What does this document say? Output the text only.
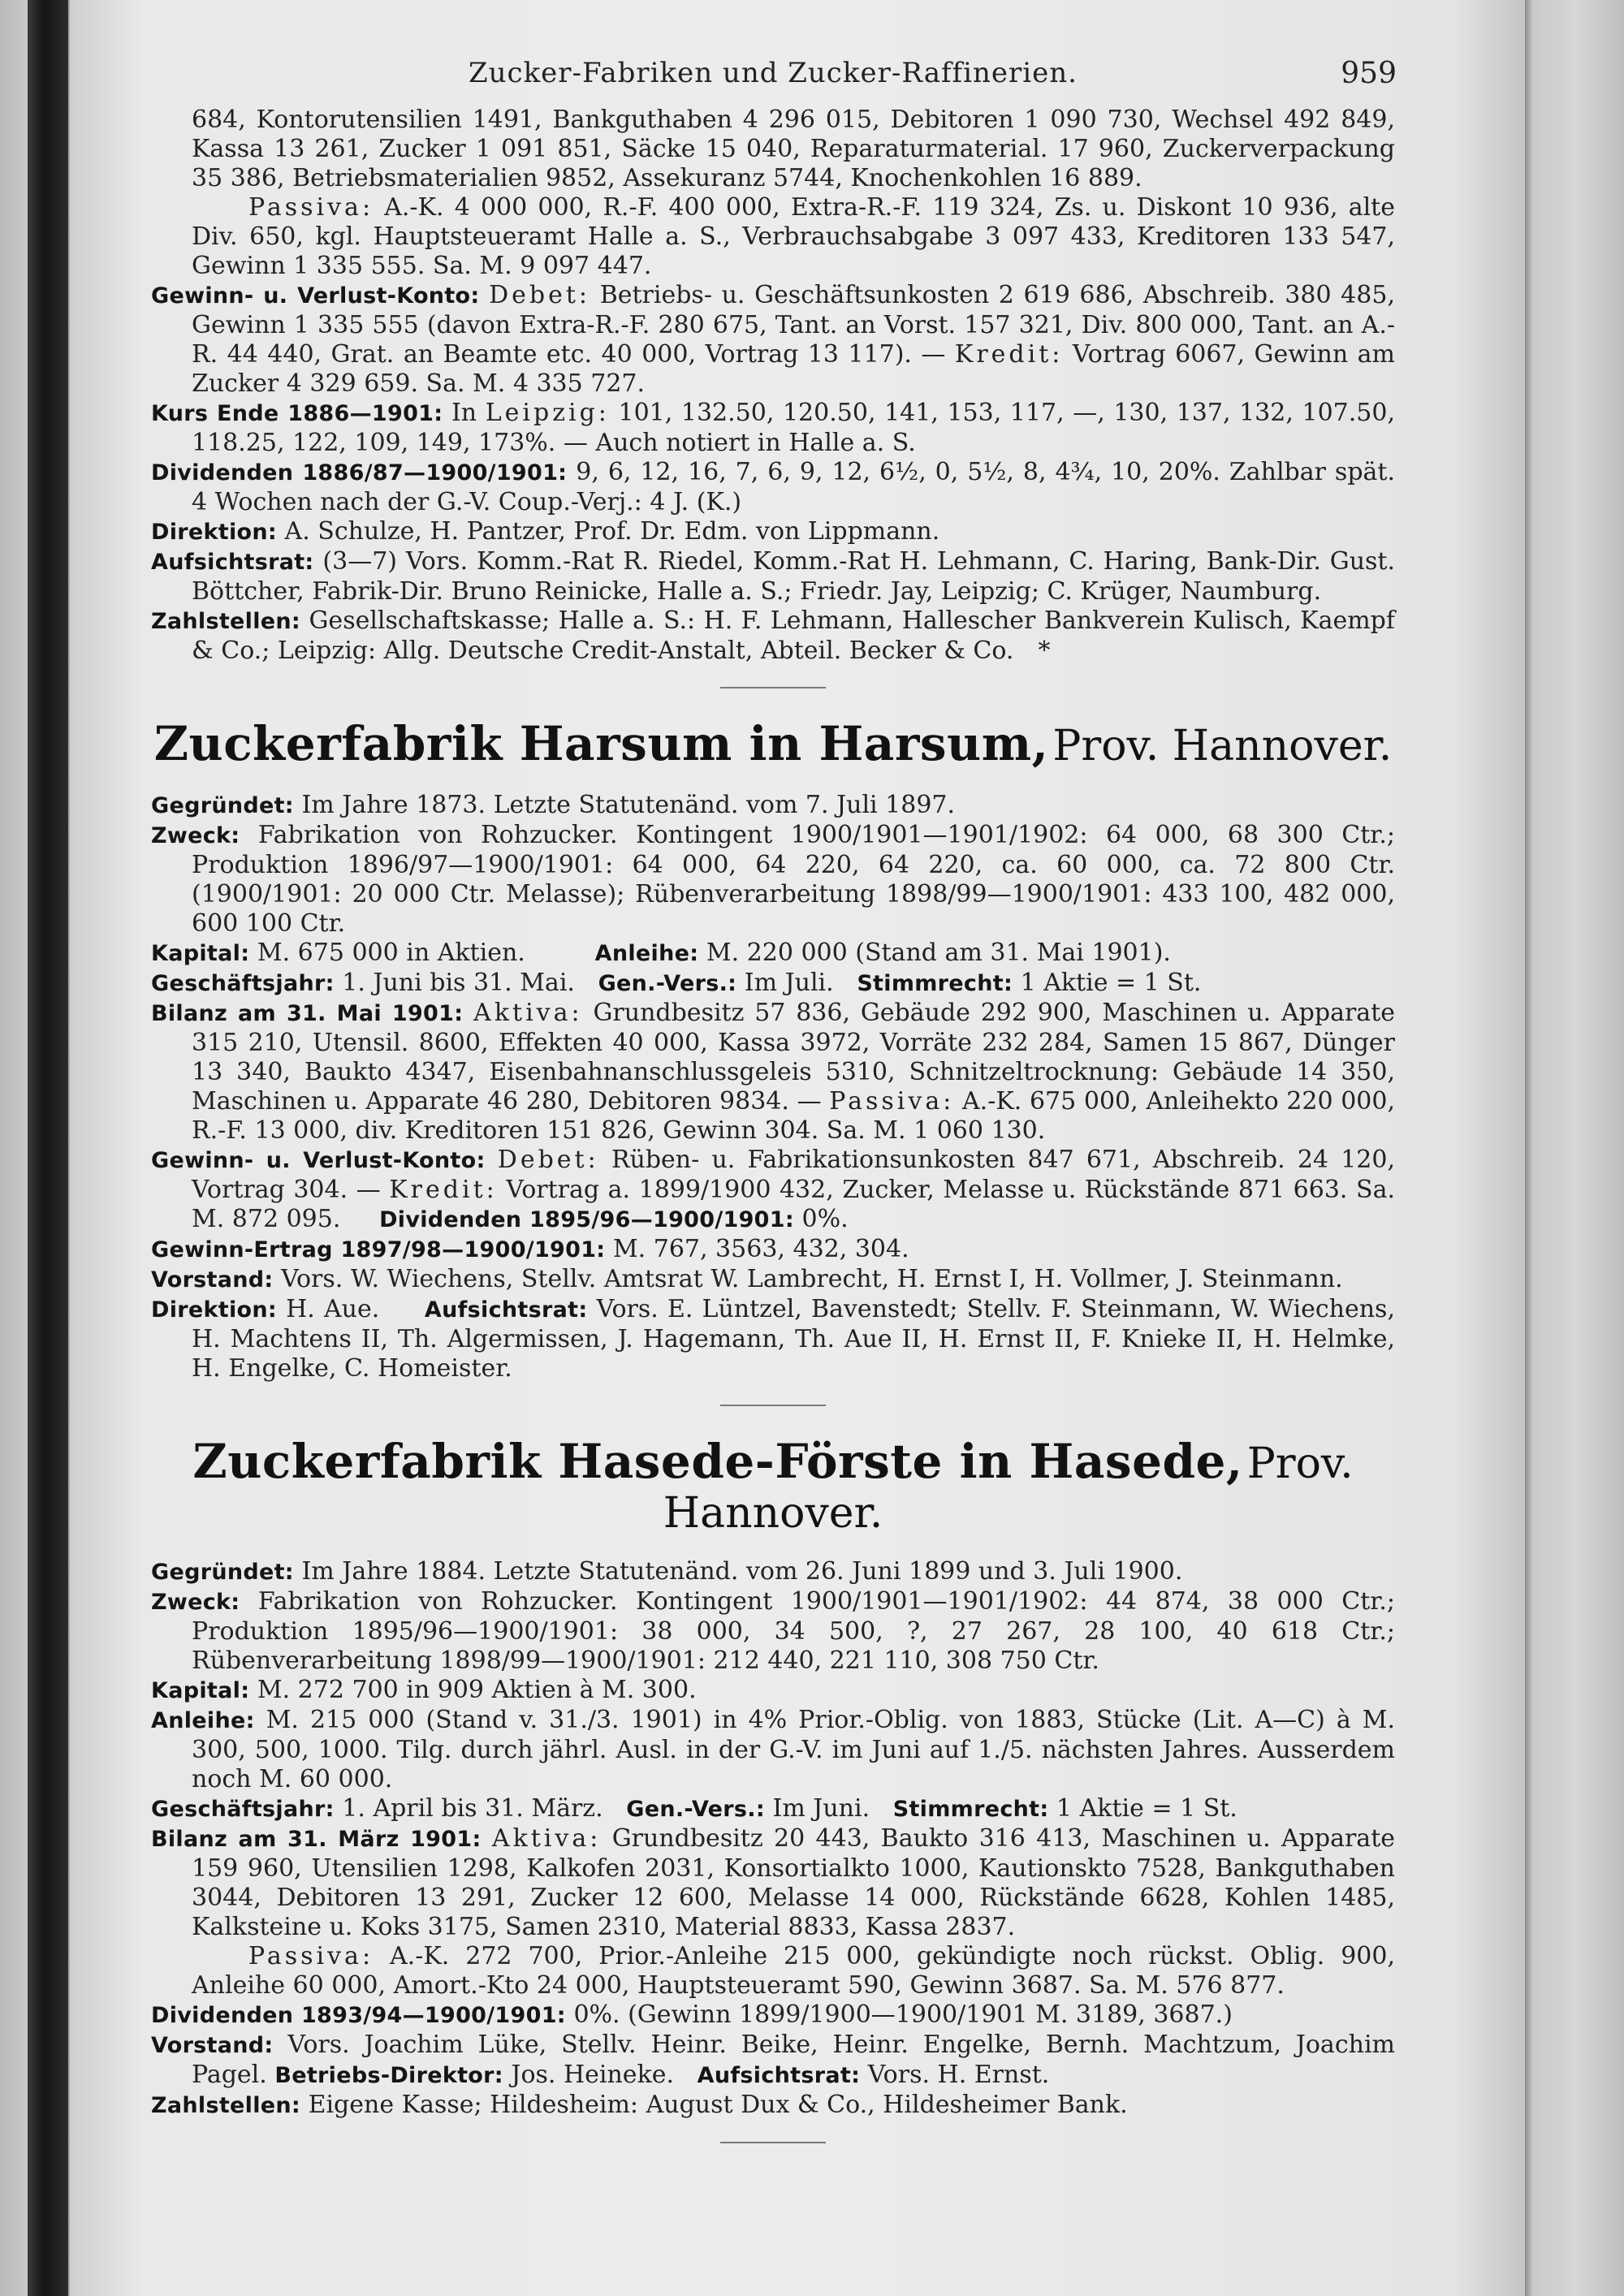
Zucker-Fabriken und Zucker-Raffinerien.	959

684, Kontorutensilien 1491, Bankguthaben 4 296 015, Debitoren 1 090 730, Wechsel 492 849, Kassa 13 261, Zucker 1 091 851, Säcke 15 040, Reparaturmaterial. 17 960, Zuckerverpackung 35 386, Betriebsmaterialien 9852, Assekuranz 5744, Knochenkohlen 16 889.

Passiva: A.-K. 4 000 000, R.-F. 400 000, Extra-R.-F. 119 324, Zs. u. Diskont 10 936, alte Div. 650, kgl. Hauptsteueramt Halle a. S., Verbrauchsabgabe 3 097 433, Kreditoren 133 547, Gewinn 1 335 555. Sa. M. 9 097 447.

Gewinn- u. Verlust-Konto: Debet: Betriebs- u. Geschäftsunkosten 2 619 686, Abschreib. 380 485, Gewinn 1 335 555 (davon Extra-R.-F. 280 675, Tant. an Vorst. 157 321, Div. 800 000, Tant. an A.-R. 44 440, Grat. an Beamte etc. 40 000, Vortrag 13 117). — Kredit: Vortrag 6067, Gewinn am Zucker 4 329 659. Sa. M. 4 335 727.

Kurs Ende 1886—1901: In Leipzig: 101, 132.50, 120.50, 141, 153, 117, —, 130, 137, 132, 107.50, 118.25, 122, 109, 149, 173%. — Auch notiert in Halle a. S.

Dividenden 1886/87—1900/1901: 9, 6, 12, 16, 7, 6, 9, 12, 6½, 0, 5½, 8, 4¾, 10, 20%. Zahlbar spät. 4 Wochen nach der G.-V. Coup.-Verj.: 4 J. (K.)

Direktion: A. Schulze, H. Pantzer, Prof. Dr. Edm. von Lippmann.

Aufsichtsrat: (3—7) Vors. Komm.-Rat R. Riedel, Komm.-Rat H. Lehmann, C. Haring, Bank-Dir. Gust. Böttcher, Fabrik-Dir. Bruno Reinicke, Halle a. S.; Friedr. Jay, Leipzig; C. Krüger, Naumburg.

Zahlstellen: Gesellschaftskasse; Halle a. S.: H. F. Lehmann, Hallescher Bankverein Kulisch, Kaempf & Co.; Leipzig: Allg. Deutsche Credit-Anstalt, Abteil. Becker & Co. *

Zuckerfabrik Harsum in Harsum, Prov. Hannover.

Gegründet: Im Jahre 1873. Letzte Statutenänd. vom 7. Juli 1897.

Zweck: Fabrikation von Rohzucker. Kontingent 1900/1901—1901/1902: 64 000, 68 300 Ctr.; Produktion 1896/97—1900/1901: 64 000, 64 220, 64 220, ca. 60 000, ca. 72 800 Ctr. (1900/1901: 20 000 Ctr. Melasse); Rübenverarbeitung 1898/99—1900/1901: 433 100, 482 000, 600 100 Ctr.

Kapital: M. 675 000 in Aktien.	Anleihe: M. 220 000 (Stand am 31. Mai 1901).

Geschäftsjahr: 1. Juni bis 31. Mai. Gen.-Vers.: Im Juli. Stimmrecht: 1 Aktie = 1 St.

Bilanz am 31. Mai 1901: Aktiva: Grundbesitz 57 836, Gebäude 292 900, Maschinen u. Apparate 315 210, Utensil. 8600, Effekten 40 000, Kassa 3972, Vorräte 232 284, Samen 15 867, Dünger 13 340, Baukto 4347, Eisenbahnanschlussgeleis 5310, Schnitzeltrocknung: Gebäude 14 350, Maschinen u. Apparate 46 280, Debitoren 9834. — Passiva: A.-K. 675 000, Anleihekto 220 000, R.-F. 13 000, div. Kreditoren 151 826, Gewinn 304. Sa. M. 1 060 130.

Gewinn- u. Verlust-Konto: Debet: Rüben- u. Fabrikationsunkosten 847 671, Abschreib. 24 120, Vortrag 304. — Kredit: Vortrag a. 1899/1900 432, Zucker, Melasse u. Rückstände 871 663. Sa. M. 872 095. Dividenden 1895/96—1900/1901: 0%.

Gewinn-Ertrag 1897/98—1900/1901: M. 767, 3563, 432, 304.

Vorstand: Vors. W. Wiechens, Stellv. Amtsrat W. Lambrecht, H. Ernst I, H. Vollmer, J. Steinmann.

Direktion: H. Aue. Aufsichtsrat: Vors. E. Lüntzel, Bavenstedt; Stellv. F. Steinmann, W. Wiechens, H. Machtens II, Th. Algermissen, J. Hagemann, Th. Aue II, H. Ernst II, F. Knieke II, H. Helmke, H. Engelke, C. Homeister.

Zuckerfabrik Hasede-Förste in Hasede, Prov. Hannover.

Gegründet: Im Jahre 1884. Letzte Statutenänd. vom 26. Juni 1899 und 3. Juli 1900.

Zweck: Fabrikation von Rohzucker. Kontingent 1900/1901—1901/1902: 44 874, 38 000 Ctr.; Produktion 1895/96—1900/1901: 38 000, 34 500, ?, 27 267, 28 100, 40 618 Ctr.; Rübenverarbeitung 1898/99—1900/1901: 212 440, 221 110, 308 750 Ctr.

Kapital: M. 272 700 in 909 Aktien à M. 300.

Anleihe: M. 215 000 (Stand v. 31./3. 1901) in 4% Prior.-Oblig. von 1883, Stücke (Lit. A—C) à M. 300, 500, 1000. Tilg. durch jährl. Ausl. in der G.-V. im Juni auf 1./5. nächsten Jahres. Ausserdem noch M. 60 000.

Geschäftsjahr: 1. April bis 31. März. Gen.-Vers.: Im Juni. Stimmrecht: 1 Aktie = 1 St.

Bilanz am 31. März 1901: Aktiva: Grundbesitz 20 443, Baukto 316 413, Maschinen u. Apparate 159 960, Utensilien 1298, Kalkofen 2031, Konsortialkto 1000, Kautionskto 7528, Bankguthaben 3044, Debitoren 13 291, Zucker 12 600, Melasse 14 000, Rückstände 6628, Kohlen 1485, Kalksteine u. Koks 3175, Samen 2310, Material 8833, Kassa 2837.

Passiva: A.-K. 272 700, Prior.-Anleihe 215 000, gekündigte noch rückst. Oblig. 900, Anleihe 60 000, Amort.-Kto 24 000, Hauptsteueramt 590, Gewinn 3687. Sa. M. 576 877.

Dividenden 1893/94—1900/1901: 0%. (Gewinn 1899/1900—1900/1901 M. 3189, 3687.)

Vorstand: Vors. Joachim Lüke, Stellv. Heinr. Beike, Heinr. Engelke, Bernh. Machtzum, Joachim Pagel. Betriebs-Direktor: Jos. Heineke. Aufsichtsrat: Vors. H. Ernst.

Zahlstellen: Eigene Kasse; Hildesheim: August Dux & Co., Hildesheimer Bank.
